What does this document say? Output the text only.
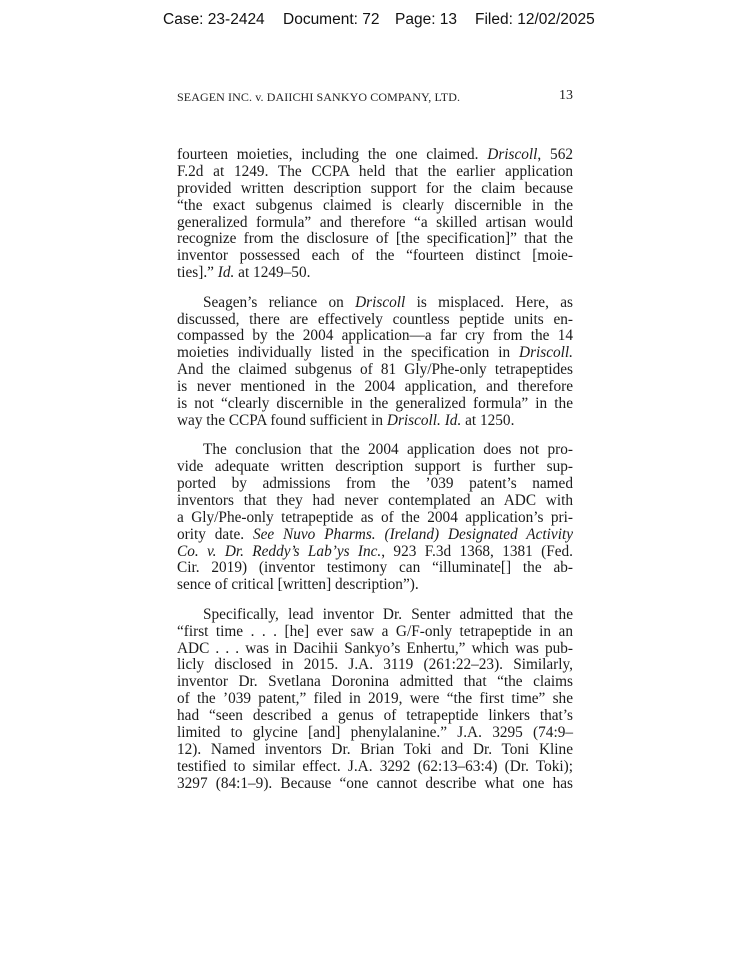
Case: 23-2424 Document: 72 Page: 13 Filed: 12/02/2025
SEAGEN INC. v. DAIICHI SANKYO COMPANY, LTD.	13
fourteen moieties, including the one claimed. Driscoll, 562
F.2d at 1249. The CCPA held that the earlier application
provided written description support for the claim because
“the exact subgenus claimed is clearly discernible in the
generalized formula” and therefore “a skilled artisan would
recognize from the disclosure of [the specification]” that the
inventor possessed each of the “fourteen distinct [moie-
ties].” Id. at 1249–50.
Seagen’s reliance on Driscoll is misplaced. Here, as
discussed, there are effectively countless peptide units en-
compassed by the 2004 application—a far cry from the 14
moieties individually listed in the specification in Driscoll.
And the claimed subgenus of 81 Gly/Phe-only tetrapeptides
is never mentioned in the 2004 application, and therefore
is not “clearly discernible in the generalized formula” in the
way the CCPA found sufficient in Driscoll. Id. at 1250.
The conclusion that the 2004 application does not pro-
vide adequate written description support is further sup-
ported by admissions from the ’039 patent’s named
inventors that they had never contemplated an ADC with
a Gly/Phe-only tetrapeptide as of the 2004 application’s pri-
ority date. See Nuvo Pharms. (Ireland) Designated Activity
Co. v. Dr. Reddy’s Lab’ys Inc., 923 F.3d 1368, 1381 (Fed.
Cir. 2019) (inventor testimony can “illuminate[] the ab-
sence of critical [written] description”).
Specifically, lead inventor Dr. Senter admitted that the
“first time . . . [he] ever saw a G/F-only tetrapeptide in an
ADC . . . was in Dacihii Sankyo’s Enhertu,” which was pub-
licly disclosed in 2015. J.A. 3119 (261:22–23). Similarly,
inventor Dr. Svetlana Doronina admitted that “the claims
of the ’039 patent,” filed in 2019, were “the first time” she
had “seen described a genus of tetrapeptide linkers that’s
limited to glycine [and] phenylalanine.” J.A. 3295 (74:9–
12). Named inventors Dr. Brian Toki and Dr. Toni Kline
testified to similar effect. J.A. 3292 (62:13–63:4) (Dr. Toki);
3297 (84:1–9). Because “one cannot describe what one has
